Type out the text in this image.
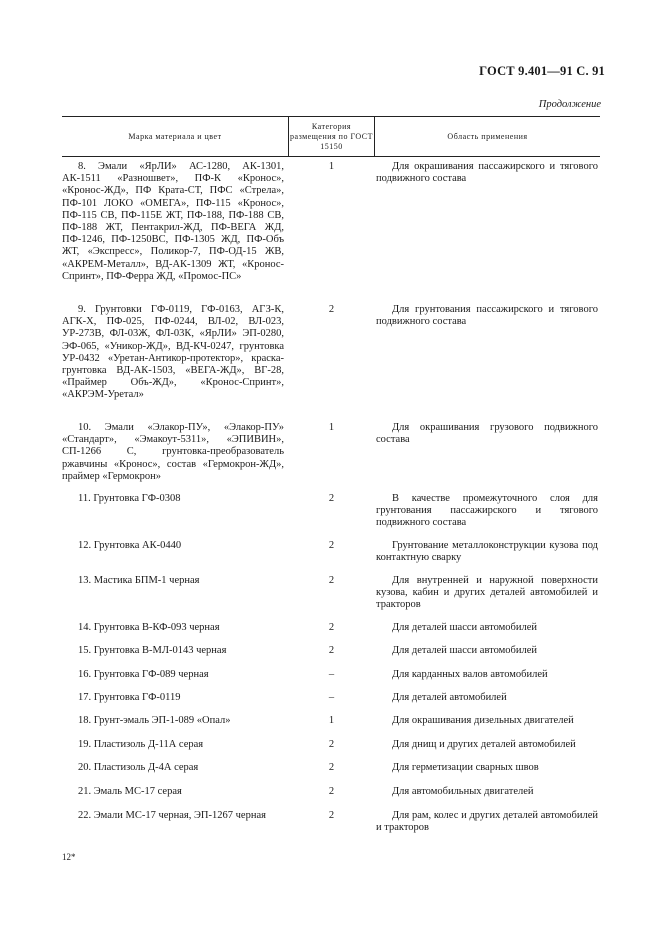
ГОСТ 9.401—91 С. 91
Продолжение
Марка материала и цвет
Категория размещения по ГОСТ 15150
Область применения
8. Эмали «ЯрЛИ» АС-1280, АК-1301, АК-1511 «Разношвет», ПФ-К «Кронос», «Кронос-ЖД», ПФ Крата-СТ, ПФС «Стрела», ПФ-101 ЛОКО «ОМЕГА», ПФ-115 «Кронос», ПФ-115 СВ, ПФ-115Е ЖТ, ПФ-188, ПФ-188 СВ, ПФ-188 ЖТ, Пентакрил-ЖД, ПФ-ВЕГА ЖД, ПФ-1246, ПФ-1250ВС, ПФ-1305 ЖД, ПФ-Объ ЖТ, «Экспресс», Поликор-7, ПФ-ОД-15 ЖВ, «АКРЕМ-Металл», ВД-АК-1309 ЖТ, «Кронос-Спринт», ПФ-Ферра ЖД, «Промос-ПС»
1	Для окрашивания пассажирского и тягового подвижного состава
9. Грунтовки ГФ-0119, ГФ-0163, АГЗ-К, АГК-Х, ПФ-025, ПФ-0244, ВЛ-02, ВЛ-023, УР-273В, ФЛ-03Ж, ФЛ-03К, «ЯрЛИ» ЭП-0280, ЭФ-065, «Уникор-ЖД», ВД-КЧ-0247, грунтовка УР-0432 «Уретан-Антикор-протектор», краска-грунтовка ВД-АК-1503, «ВЕГА-ЖД», ВГ-28, «Праймер Объ-ЖД», «Кронос-Спринт», «АКРЭМ-Уретал»
2	Для грунтования пассажирского и тягового подвижного состава
10. Эмали «Элакор-ПУ», «Элакор-ПУ» «Стандарт», «Эмакоут-5311», «ЭПИВИН», СП-1266 С, грунтовка-преобразователь ржавчины «Кронос», состав «Гермокрон-ЖД», праймер «Гермокрон»
1	Для окрашивания грузового подвижного состава
11. Грунтовка ГФ-0308	2	В качестве промежуточного слоя для грунтования пассажирского и тягового подвижного состава
12. Грунтовка АК-0440	2	Грунтование металлоконструкции кузова под контактную сварку
13. Мастика БПМ-1 черная	2	Для внутренней и наружной поверхности кузова, кабин и других деталей автомобилей и тракторов
14. Грунтовка В-КФ-093 черная	2	Для деталей шасси автомобилей
15. Грунтовка В-МЛ-0143 черная	2	Для деталей шасси автомобилей
16. Грунтовка ГФ-089 черная	–	Для карданных валов автомобилей
17. Грунтовка ГФ-0119	–	Для деталей автомобилей
18. Грунт-эмаль ЭП-1-089 «Опал»	1	Для окрашивания дизельных двигателей
19. Пластизоль Д-11А серая	2	Для днищ и других деталей автомобилей
20. Пластизоль Д-4А серая	2	Для герметизации сварных швов
21. Эмаль МС-17 серая	2	Для автомобильных двигателей
22. Эмали МС-17 черная, ЭП-1267 черная	2	Для рам, колес и других деталей автомобилей и тракторов
12*
